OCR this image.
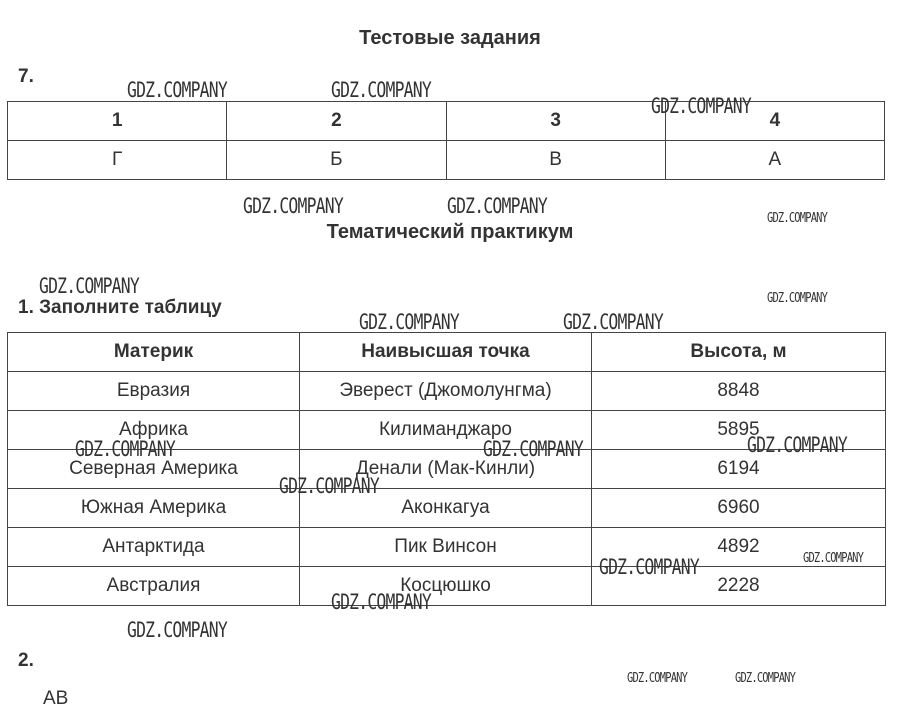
Тестовые задания
7.
1	2	3	4
Г	Б	В	А
Тематический практикум
1. Заполните таблицу
Материк	Наивысшая точка	Высота, м
Евразия	Эверест (Джомолунгма)	8848
Африка	Килиманджаро	5895
Северная Америка	Денали (Мак-Кинли)	6194
Южная Америка	Аконкагуа	6960
Антарктида	Пик Винсон	4892
Австралия	Косцюшко	2228
2.
АВ
GDZ.COMPANY	GDZ.COMPANY
GDZ.COMPANY
GDZ.COMPANY	GDZ.COMPANY
GDZ.COMPANY
GDZ.COMPANY
GDZ.COMPANY
GDZ.COMPANY	GDZ.COMPANY
GDZ.COMPANY	GDZ.COMPANY	GDZ.COMPANY
GDZ.COMPANY
GDZ.COMPANY
GDZ.COMPANY
GDZ.COMPANY
GDZ.COMPANY
GDZ.COMPANY	GDZ.COMPANY
